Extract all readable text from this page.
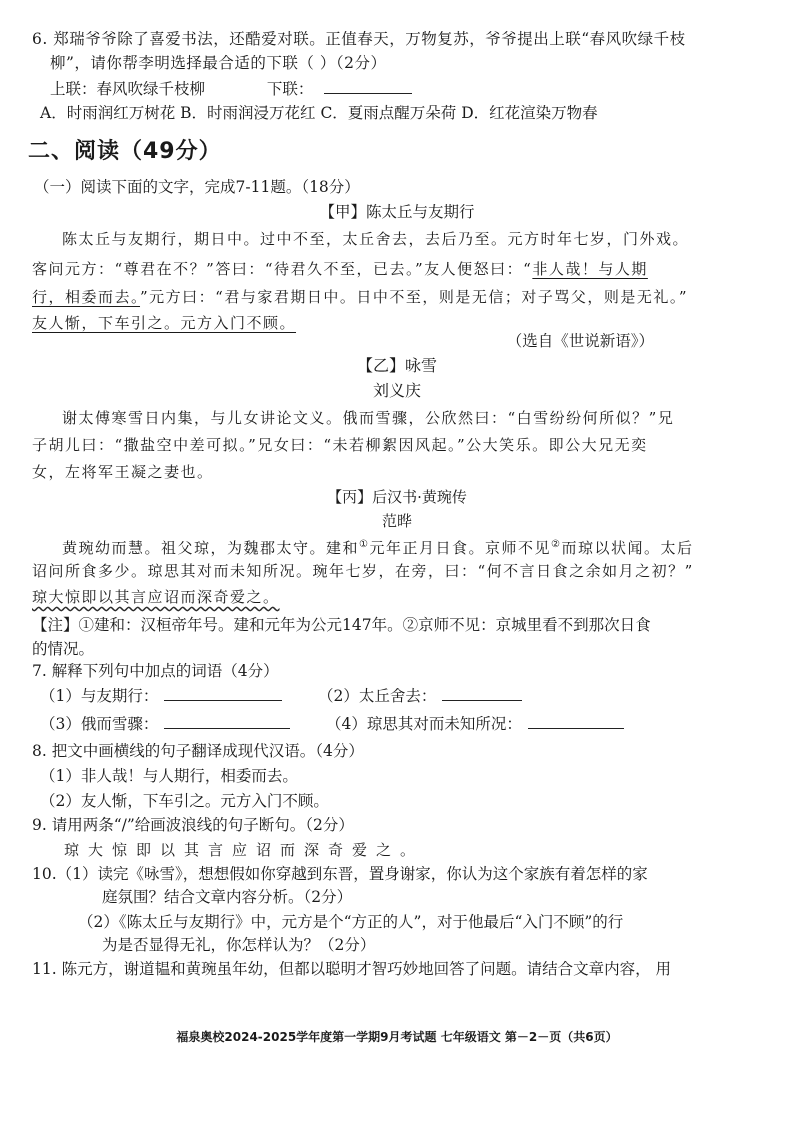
6. 郑瑞爷爷除了喜爱书法，还酷爱对联。正值春天，万物复苏，爷爷提出上联“春风吹绿千枝
柳”，请你帮李明选择最合适的下联（ ）（2分）
上联：春风吹绿千枝柳	下联：
A．时雨润红万树花 B．时雨润浸万花红 C．夏雨点醒万朵荷 D．红花渲染万物春
二、阅读（49分）
（一）阅读下面的文字，完成7-11题。（18分）
【甲】陈太丘与友期行
陈太丘与友期行，期日中。过中不至，太丘舍去，去后乃至。元方时年七岁，门外戏。
客问元方：“尊君在不？”答曰：“待君久不至，已去。”友人便怒曰：“非人哉！与人期
行，相委而去。”元方曰：“君与家君期日中。日中不至，则是无信；对子骂父，则是无礼。”
友人惭，下车引之。元方入门不顾。
（选自《世说新语》）
【乙】咏雪
刘义庆
谢太傅寒雪日内集，与儿女讲论文义。俄而雪骤，公欣然曰：“白雪纷纷何所似？”兄
子胡儿曰：“撒盐空中差可拟。”兄女曰：“未若柳絮因风起。”公大笑乐。即公大兄无奕
女，左将军王凝之妻也。
【丙】后汉书·黄琬传
范晔
黄琬幼而慧。祖父琼，为魏郡太守。建和①元年正月日食。京师不见②而琼以状闻。太后
诏问所食多少。琼思其对而未知所况。琬年七岁，在旁，曰：“何不言日食之余如月之初？”
琼大惊即以其言应诏而深奇爱之。
【注】①建和：汉桓帝年号。建和元年为公元147年。②京师不见：京城里看不到那次日食
的情况。
7. 解释下列句中加点的词语（4分）
（1）与友期行：	（2）太丘舍去：
（3）俄而雪骤：	（4）琼思其对而未知所况：
8. 把文中画横线的句子翻译成现代汉语。（4分）
（1）非人哉！与人期行，相委而去。
（2）友人惭，下车引之。元方入门不顾。
9. 请用两条“/”给画波浪线的句子断句。（2分）
琼大惊即以其言应诏而深奇爱之。
10.（1）读完《咏雪》，想想假如你穿越到东晋，置身谢家，你认为这个家族有着怎样的家
庭氛围？结合文章内容分析。（2分）
（2）《陈太丘与友期行》中，元方是个“方正的人”，对于他最后“入门不顾”的行
为是否显得无礼，你怎样认为？（2分）
11. 陈元方，谢道韫和黄琬虽年幼，但都以聪明才智巧妙地回答了问题。请结合文章内容， 用
福泉奥校2024-2025学年度第一学期9月考试题 七年级语文 第－2－页（共6页）
